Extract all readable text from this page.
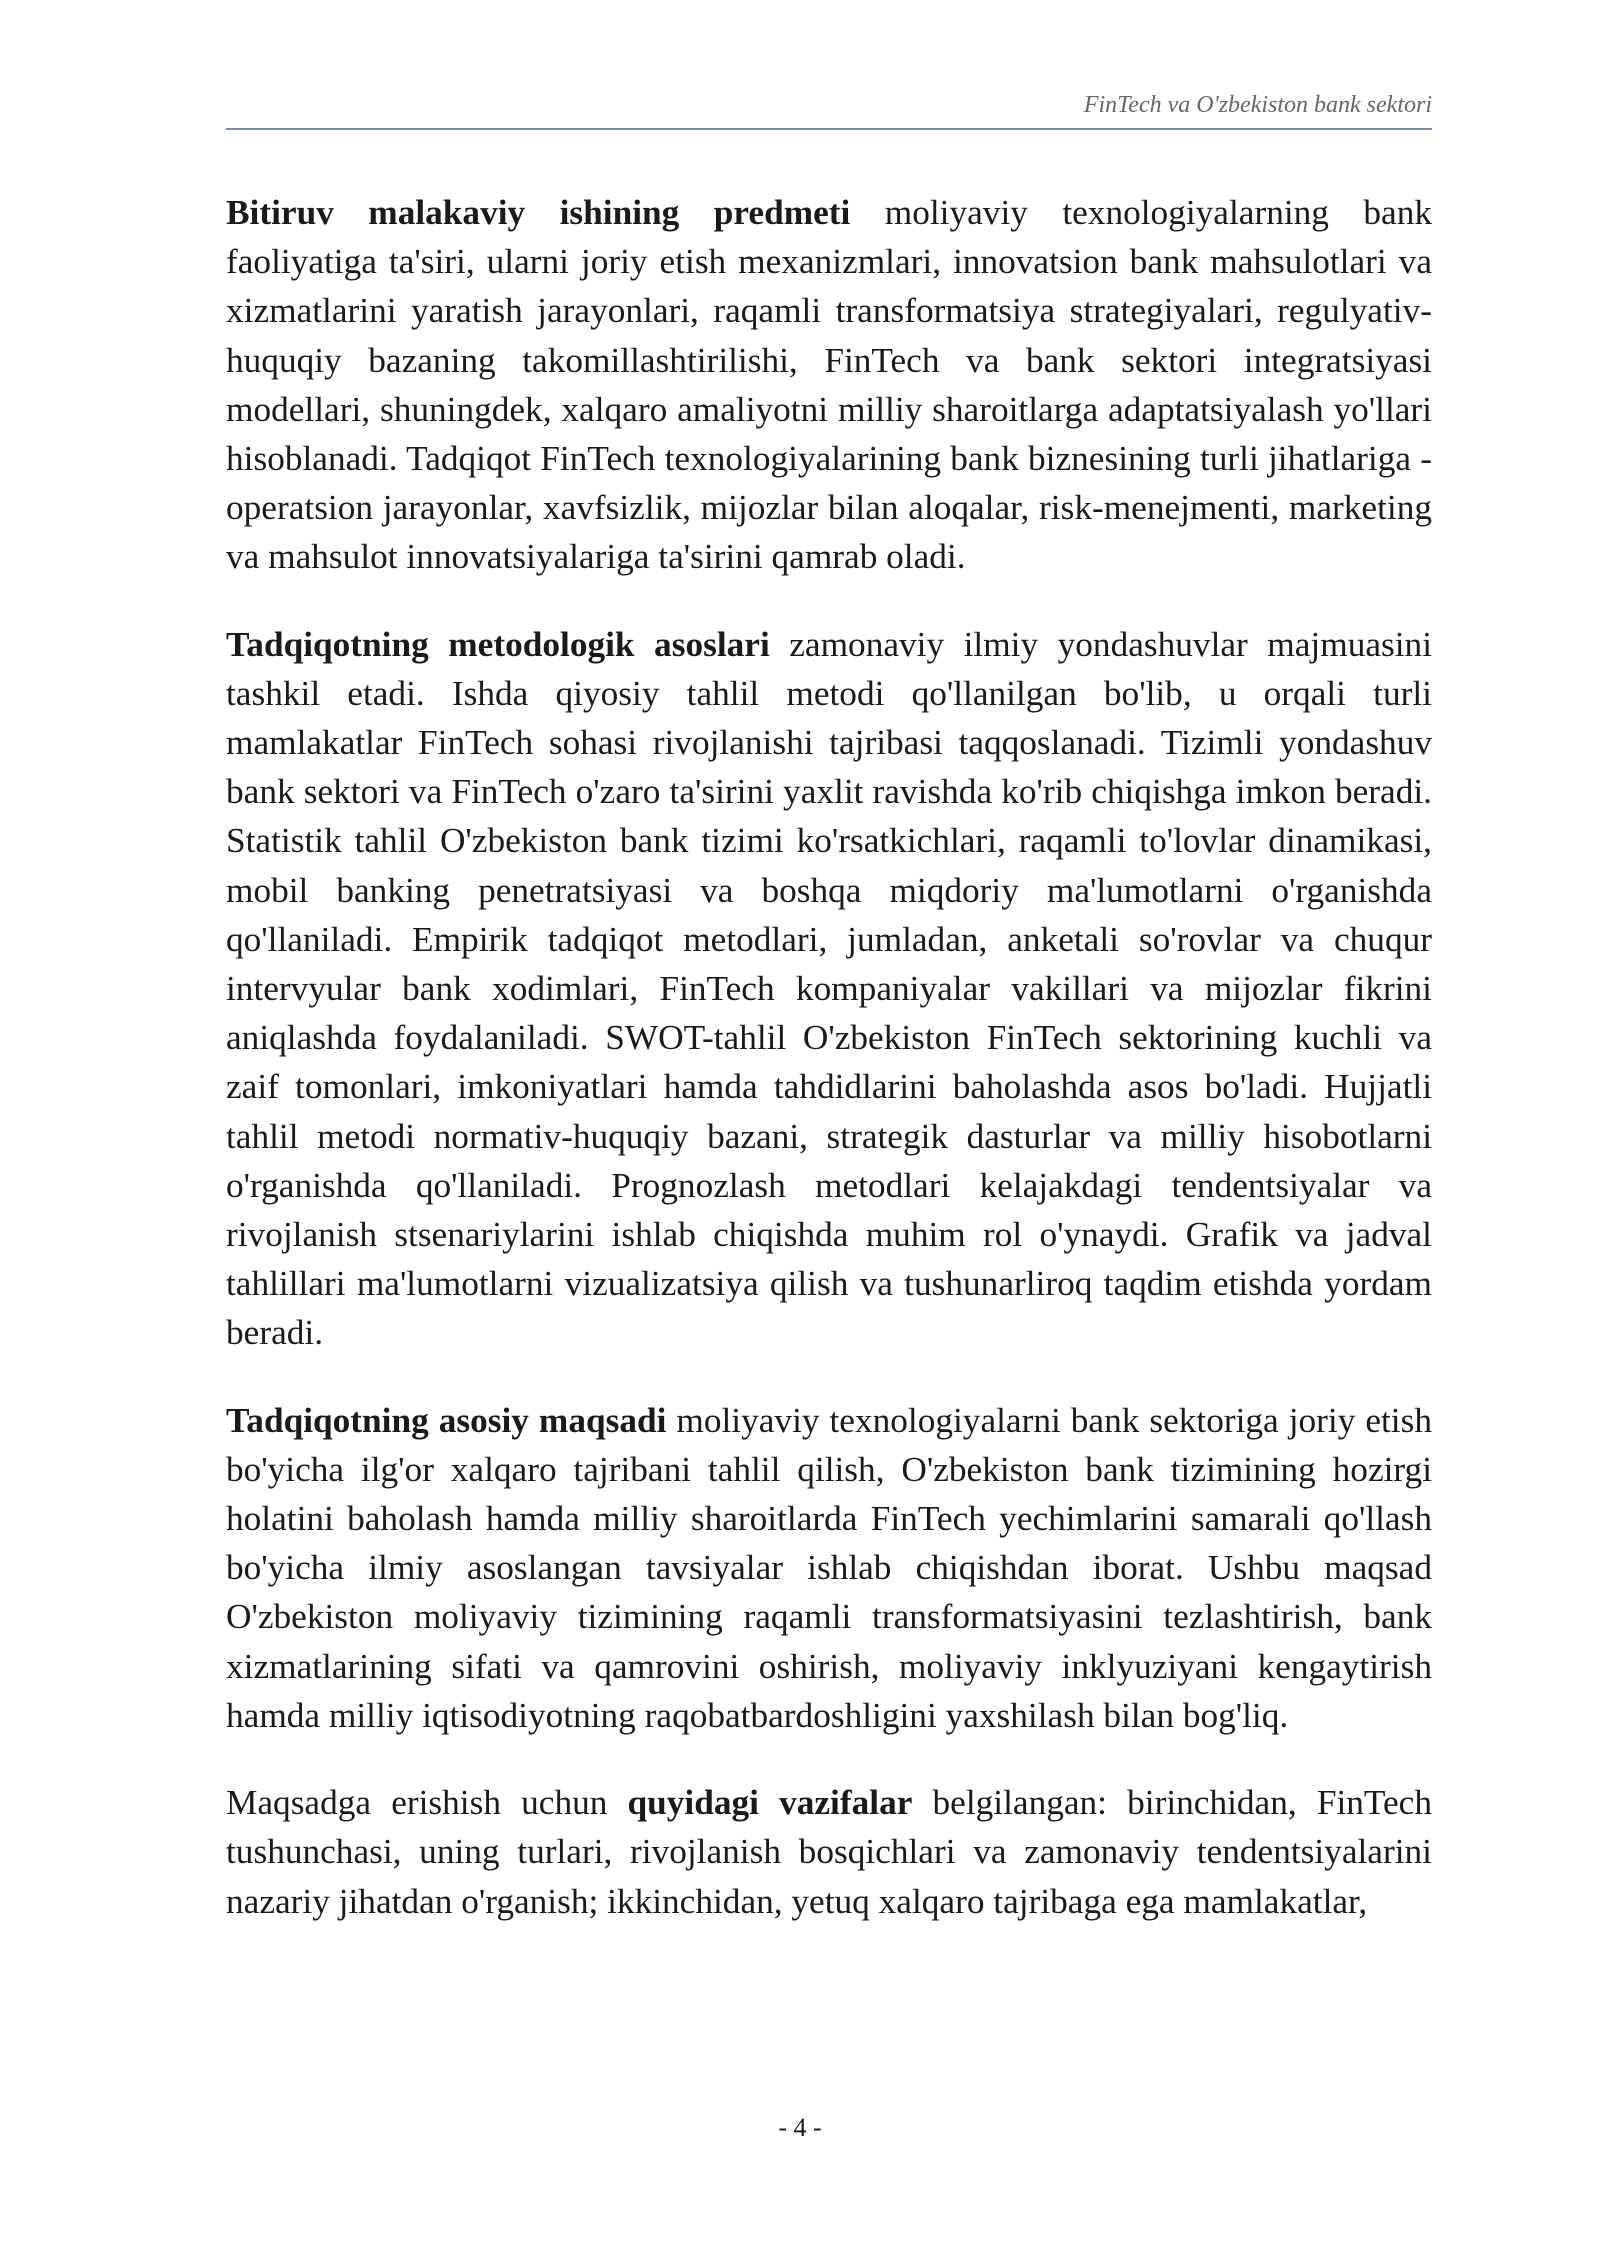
FinTech va O'zbekiston bank sektori

Bitiruv malakaviy ishining predmeti moliyaviy texnologiyalarning bank faoliyatiga ta'siri, ularni joriy etish mexanizmlari, innovatsion bank mahsulotlari va xizmatlarini yaratish jarayonlari, raqamli transformatsiya strategiyalari, regulyativ-huquqiy bazaning takomillashtirilishi, FinTech va bank sektori integratsiyasi modellari, shuningdek, xalqaro amaliyotni milliy sharoitlarga adaptatsiyalash yo'llari hisoblanadi. Tadqiqot FinTech texnologiyalarining bank biznesining turli jihatlariga - operatsion jarayonlar, xavfsizlik, mijozlar bilan aloqalar, risk-menejmenti, marketing va mahsulot innovatsiyalariga ta'sirini qamrab oladi.

Tadqiqotning metodologik asoslari zamonaviy ilmiy yondashuvlar majmuasini tashkil etadi. Ishda qiyosiy tahlil metodi qo'llanilgan bo'lib, u orqali turli mamlakatlar FinTech sohasi rivojlanishi tajribasi taqqoslanadi. Tizimli yondashuv bank sektori va FinTech o'zaro ta'sirini yaxlit ravishda ko'rib chiqishga imkon beradi. Statistik tahlil O'zbekiston bank tizimi ko'rsatkichlari, raqamli to'lovlar dinamikasi, mobil banking penetratsiyasi va boshqa miqdoriy ma'lumotlarni o'rganishda qo'llaniladi. Empirik tadqiqot metodlari, jumladan, anketali so'rovlar va chuqur intervyular bank xodimlari, FinTech kompaniyalar vakillari va mijozlar fikrini aniqlashda foydalaniladi. SWOT-tahlil O'zbekiston FinTech sektorining kuchli va zaif tomonlari, imkoniyatlari hamda tahdidlarini baholashda asos bo'ladi. Hujjatli tahlil metodi normativ-huquqiy bazani, strategik dasturlar va milliy hisobotlarni o'rganishda qo'llaniladi. Prognozlash metodlari kelajakdagi tendentsiyalar va rivojlanish stsenariylarini ishlab chiqishda muhim rol o'ynaydi. Grafik va jadval tahlillari ma'lumotlarni vizualizatsiya qilish va tushunarliroq taqdim etishda yordam beradi.

Tadqiqotning asosiy maqsadi moliyaviy texnologiyalarni bank sektoriga joriy etish bo'yicha ilg'or xalqaro tajribani tahlil qilish, O'zbekiston bank tizimining hozirgi holatini baholash hamda milliy sharoitlarda FinTech yechimlarini samarali qo'llash bo'yicha ilmiy asoslangan tavsiyalar ishlab chiqishdan iborat. Ushbu maqsad O'zbekiston moliyaviy tizimining raqamli transformatsiyasini tezlashtirish, bank xizmatlarining sifati va qamrovini oshirish, moliyaviy inklyuziyani kengaytirish hamda milliy iqtisodiyotning raqobatbardoshligini yaxshilash bilan bog'liq.

Maqsadga erishish uchun quyidagi vazifalar belgilangan: birinchidan, FinTech tushunchasi, uning turlari, rivojlanish bosqichlari va zamonaviy tendentsiyalarini nazariy jihatdan o'rganish; ikkinchidan, yetuq xalqaro tajribaga ega mamlakatlar,

- 4 -
